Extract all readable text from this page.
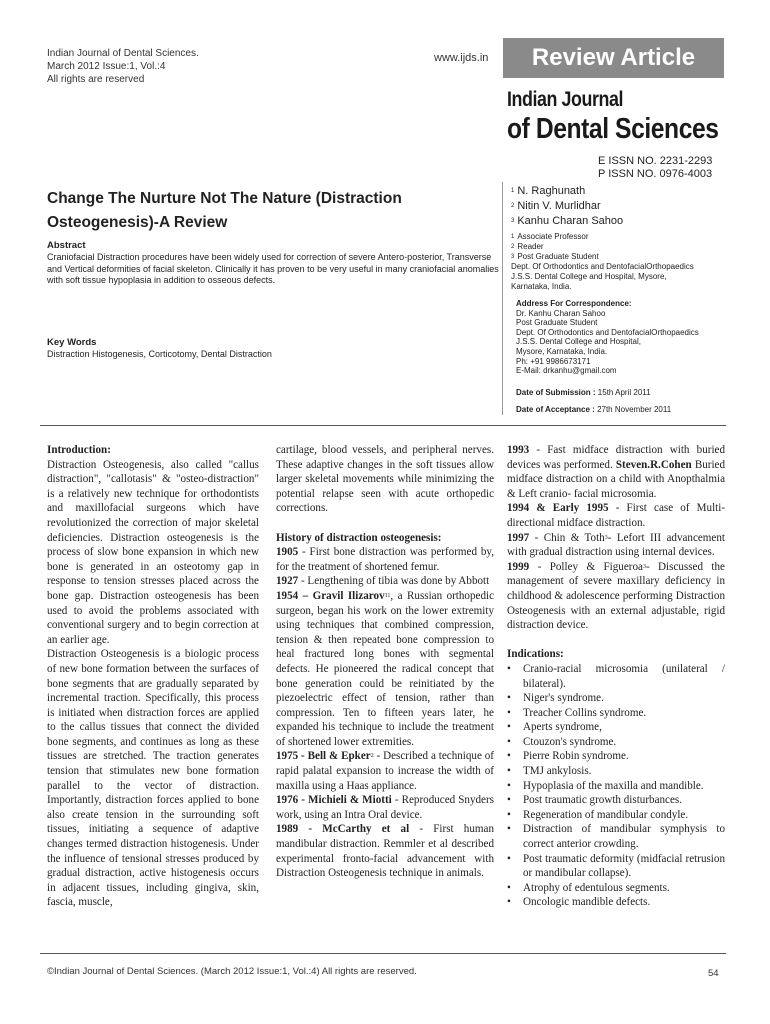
Indian Journal of Dental Sciences.
March 2012 Issue:1, Vol.:4
All rights are reserved
www.ijds.in	Review Article
Indian Journal
of Dental Sciences
E ISSN NO. 2231-2293
P ISSN NO. 0976-4003
Change The Nurture Not The Nature (Distraction
Osteogenesis)-A Review
Abstract
Craniofacial Distraction procedures have been widely used for correction of severe Antero-posterior, Transverse and Vertical deformities of facial skeleton. Clinically it has proven to be very useful in many craniofacial anomalies with soft tissue hypoplasia in addition to osseous defects.
Key Words
Distraction Histogenesis, Corticotomy, Dental Distraction
$^1$ N. Raghunath
$^2$ Nitin V. Murlidhar
$^3$ Kanhu Charan Sahoo
$^1$ Associate Professor
$^2$ Reader
$^3$ Post Graduate Student
Dept. Of Orthodontics and DentofacialOrthopaedics
J.S.S. Dental College and Hospital, Mysore,
Karnataka, India.
Address For Correspondence:
Dr. Kanhu Charan Sahoo
Post Graduate Student
Dept. Of Orthodontics and DentofacialOrthopaedics
J.S.S. Dental College and Hospital,
Mysore, Karnataka, India.
Ph: +91 9986673171
E-Mail: drkanhu@gmail.com
Date of Submission : 15th April 2011
Date of Acceptance : 27th November 2011

Introduction:

Distraction Osteogenesis, also called "callus distraction", "callotasis" & "osteo-distraction" is a relatively new technique for orthodontists and maxillofacial surgeons which have revolutionized the correction of major skeletal deficiencies. Distraction osteogenesis is the process of slow bone expansion in which new bone is generated in an osteotomy gap in response to tension stresses placed across the bone gap. Distraction osteogenesis has been used to avoid the problems associated with conventional surgery and to begin correction at an earlier age.

Distraction Osteogenesis is a biologic process of new bone formation between the surfaces of bone segments that are gradually separated by incremental traction. Specifically, this process is initiated when distraction forces are applied to the callus tissues that connect the divided bone segments, and continues as long as these tissues are stretched. The traction generates tension that stimulates new bone formation parallel to the vector of distraction. Importantly, distraction forces applied to bone also create tension in the surrounding soft tissues, initiating a sequence of adaptive changes termed distraction histogenesis. Under the influence of tensional stresses produced by gradual distraction, active histogenesis occurs in adjacent tissues, including gingiva, skin, fascia, muscle,

cartilage, blood vessels, and peripheral nerves. These adaptive changes in the soft tissues allow larger skeletal movements while minimizing the potential relapse seen with acute orthopedic corrections.

History of distraction osteogenesis:

1905 - First bone distraction was performed by, for the treatment of shortened femur.

1927 - Lengthening of tibia was done by Abbott

1954 – Gravil Ilizarov$^{11}$, a Russian orthopedic surgeon, began his work on the lower extremity using techniques that combined compression, tension & then repeated bone compression to heal fractured long bones with segmental defects. He pioneered the radical concept that bone generation could be reinitiated by the piezoelectric effect of tension, rather than compression. Ten to fifteen years later, he expanded his technique to include the treatment of shortened lower extremities.

1975 - Bell & Epker$^2$ - Described a technique of rapid palatal expansion to increase the width of maxilla using a Haas appliance.

1976 - Michieli & Miotti - Reproduced Snyders work, using an Intra Oral device.

1989 - McCarthy et al - First human mandibular distraction. Remmler et al described experimental fronto-facial advancement with Distraction Osteogenesis technique in animals.

1993 - Fast midface distraction with buried devices was performed. Steven.R.Cohen Buried midface distraction on a child with Anopthalmia & Left cranio- facial microsomia.

1994 & Early 1995 - First case of Multi-directional midface distraction.

1997 - Chin & Toth$^3$- Lefort III advancement with gradual distraction using internal devices.

1999 - Polley & Figueroa$^3$- Discussed the management of severe maxillary deficiency in childhood & adolescence performing Distraction Osteogenesis with an external adjustable, rigid distraction device.

Indications:

• Cranio-racial microsomia (unilateral / bilateral).
• Niger's syndrome.
• Treacher Collins syndrome.
• Aperts syndrome,
• Ctouzon's syndrome.
• Pierre Robin syndrome.
• TMJ ankylosis.
• Hypoplasia of the maxilla and mandible.
• Post traumatic growth disturbances.
• Regeneration of mandibular condyle.
• Distraction of mandibular symphysis to correct anterior crowding.
• Post traumatic deformity (midfacial retrusion or mandibular collapse).
• Atrophy of edentulous segments.
• Oncologic mandible defects.
©Indian Journal of Dental Sciences. (March 2012 Issue:1, Vol.:4) All rights are reserved.	54
